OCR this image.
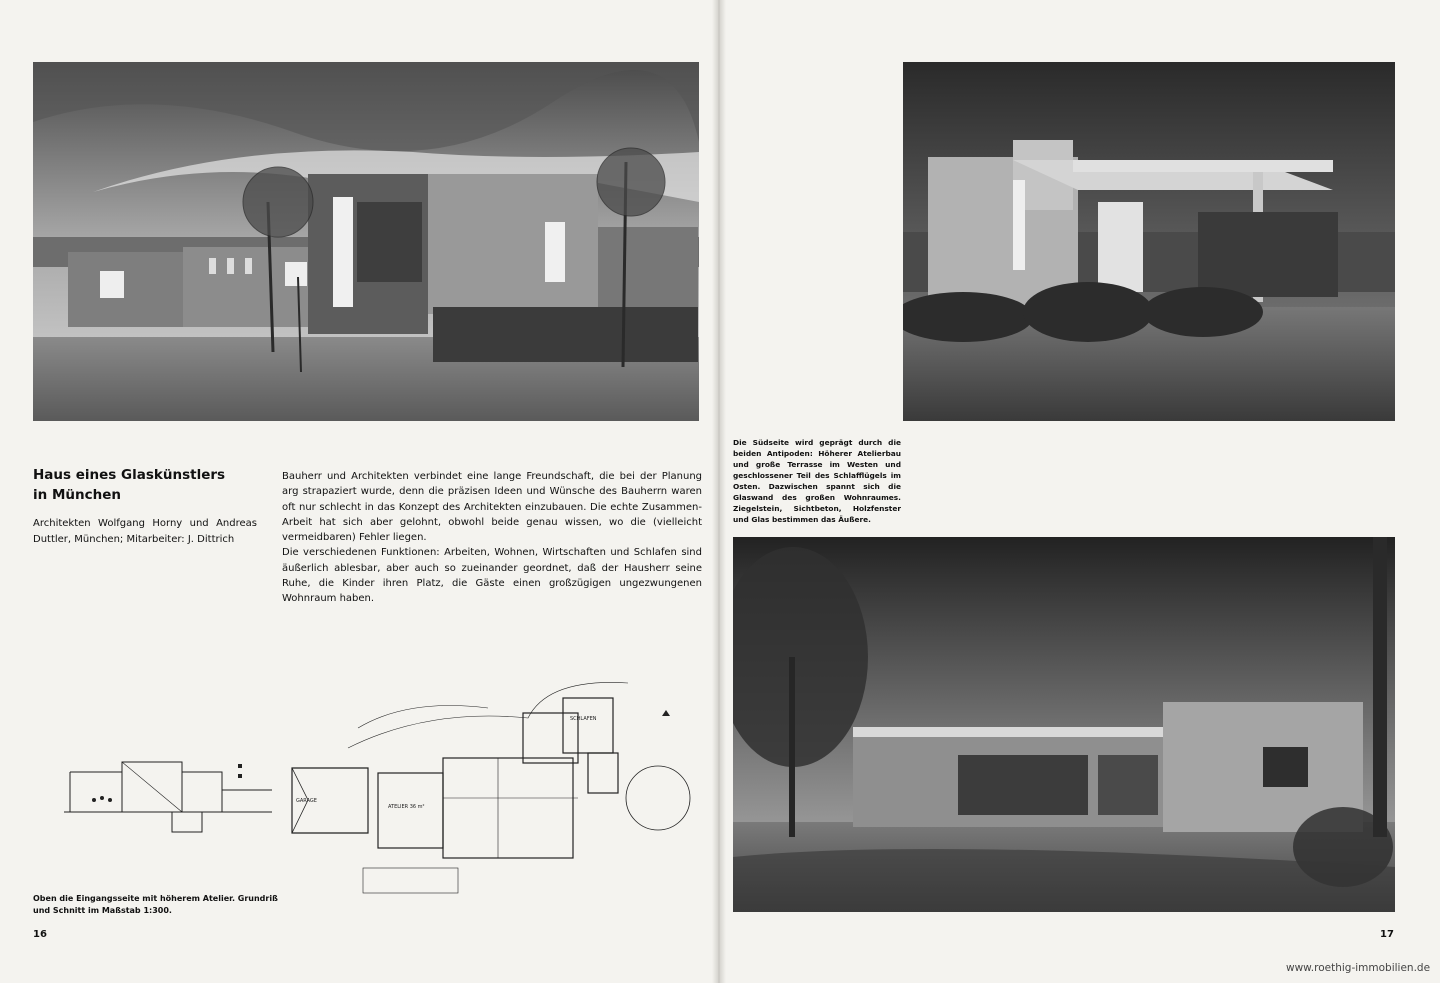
Haus eines Glaskünstlers
in München
Architekten Wolfgang Horny und Andreas Duttler, München; Mitarbeiter: J. Dittrich

Bauherr und Architekten verbindet eine lange Freundschaft, die bei der Planung arg strapaziert wurde, denn die präzisen Ideen und Wünsche des Bauherrn waren oft nur schlecht in das Konzept des Architekten einzubauen. Die echte Zusammen-Arbeit hat sich aber gelohnt, obwohl beide genau wissen, wo die (vielleicht vermeidbaren) Fehler liegen.

Die verschiedenen Funktionen: Arbeiten, Wohnen, Wirtschaften und Schlafen sind äußerlich ablesbar, aber auch so zueinander geordnet, daß der Hausherr seine Ruhe, die Kinder ihren Platz, die Gäste einen großzügigen ungezwungenen Wohnraum haben.

ATELIER 36 m²
SCHLAFEN
GARAGE
Oben die Eingangsseite mit höherem Atelier. Grundriß und Schnitt im Maßstab 1:300.
Die Südseite wird geprägt durch die beiden Antipoden: Höherer Atelierbau und große Terrasse im Westen und geschlossener Teil des Schlafflügels im Osten. Dazwischen spannt sich die Glaswand des großen Wohnraumes. Ziegelstein, Sichtbeton, Holzfenster und Glas bestimmen das Äußere.
16	17
www.roethig-immobilien.de
